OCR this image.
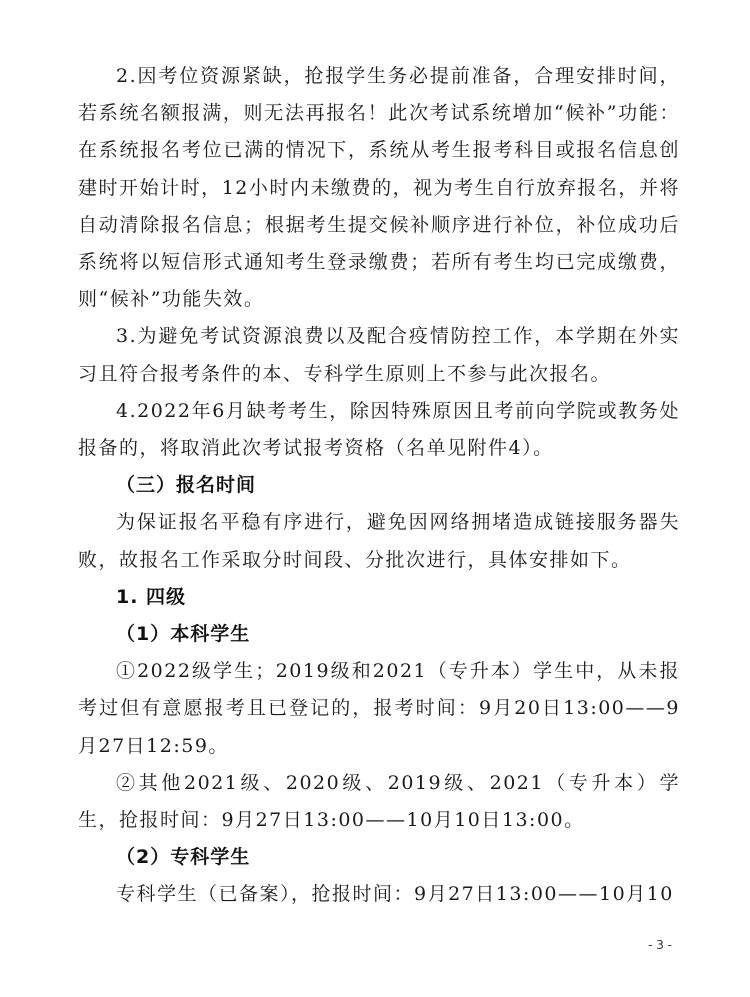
2.因考位资源紧缺，抢报学生务必提前准备，合理安排时间，若系统名额报满，则无法再报名！此次考试系统增加“候补”功能：在系统报名考位已满的情况下，系统从考生报考科目或报名信息创建时开始计时，12小时内未缴费的，视为考生自行放弃报名，并将自动清除报名信息；根据考生提交候补顺序进行补位，补位成功后系统将以短信形式通知考生登录缴费；若所有考生均已完成缴费，则“候补”功能失效。

3.为避免考试资源浪费以及配合疫情防控工作，本学期在外实习且符合报考条件的本、专科学生原则上不参与此次报名。

4.2022年6月缺考考生，除因特殊原因且考前向学院或教务处报备的，将取消此次考试报考资格（名单见附件4）。

（三）报名时间

为保证报名平稳有序进行，避免因网络拥堵造成链接服务器失败，故报名工作采取分时间段、分批次进行，具体安排如下。

1. 四级

（1）本科学生

①2022级学生；2019级和2021（专升本）学生中，从未报考过但有意愿报考且已登记的，报考时间：9月20日13:00——9月27日12:59。

②其他2021级、2020级、2019级、2021（专升本）学生，抢报时间：9月27日13:00——10月10日13:00。

（2）专科学生

专科学生（已备案），抢报时间：9月27日13:00——10月10

- 3 -
